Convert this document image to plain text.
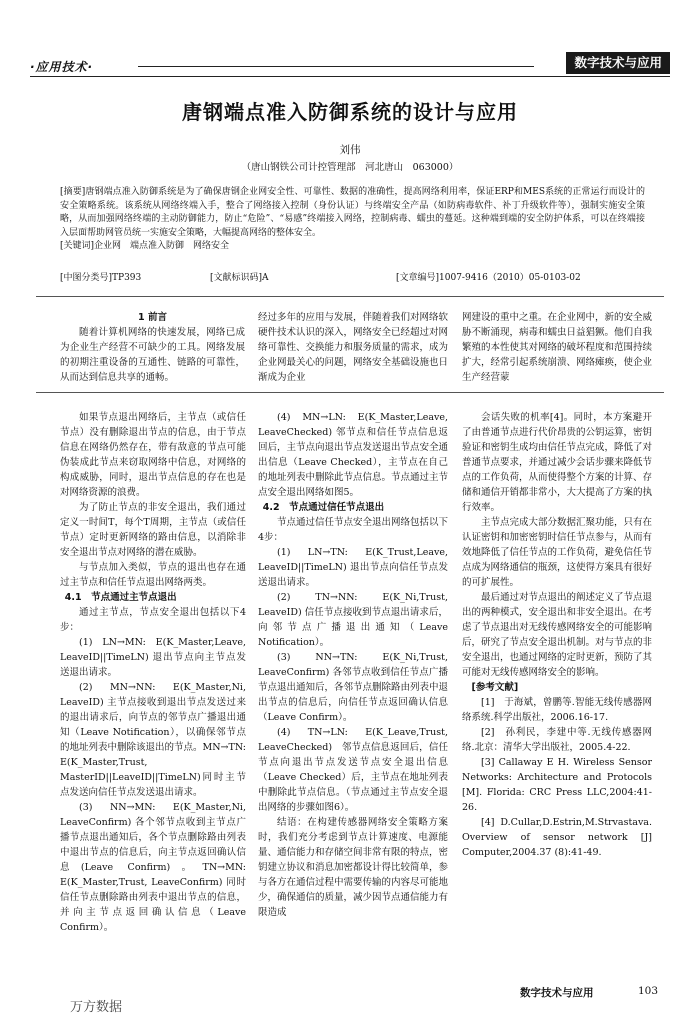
·应用技术·	数字技术与应用
唐钢端点准入防御系统的设计与应用
刘伟
（唐山钢铁公司计控管理部　河北唐山　063000）

[摘要]唐钢端点准入防御系统是为了确保唐钢企业网安全性、可靠性、数据的准确性，提高网络利用率，保证ERP和MES系统的正常运行而设计的安全策略系统。该系统从网络终端入手，整合了网络接入控制（身份认证）与终端安全产品（如防病毒软件、补丁升级软件等），强制实施安全策略，从而加强网络终端的主动防御能力，防止“危险”、“易感”终端接入网络，控制病毒、蠕虫的蔓延。这种端到端的安全防护体系，可以在终端接入层面帮助网管员统一实施安全策略，大幅提高网络的整体安全。

[关键词]企业网　端点准入防御　网络安全

[中图分类号]TP393	[文献标识码]A	[文章编号]1007-9416（2010）05-0103-02

1 前言

随着计算机网络的快速发展，网络已成为企业生产经营不可缺少的工具。网络发展的初期注重设备的互通性、链路的可靠性，从而达到信息共享的通畅。

经过多年的应用与发展，伴随着我们对网络软硬件技术认识的深入，网络安全已经超过对网络可靠性、交换能力和服务质量的需求，成为企业网最关心的问题，网络安全基础设施也日渐成为企业

网建设的重中之重。在企业网中，新的安全威胁不断涌现，病毒和蠕虫日益猖獗。他们自我繁殖的本性使其对网络的破坏程度和范围持续扩大，经常引起系统崩溃、网络瘫痪，使企业生产经营蒙

如果节点退出网络后，主节点（或信任节点）没有删除退出节点的信息，由于节点信息在网络仍然存在，带有敌意的节点可能伪装成此节点来窃取网络中信息，对网络的构成威胁，同时，退出节点信息的存在也是对网络资源的浪费。

为了防止节点的非安全退出，我们通过定义一时间T，每个T周期，主节点（或信任节点）定时更新网络的路由信息，以消除非安全退出节点对网络的潜在威胁。

与节点加入类似，节点的退出也存在通过主节点和信任节点退出网络两类。

4.1　节点通过主节点退出

通过主节点，节点安全退出包括以下4步：

(1) LN→MN: E(K_Master,Leave, LeaveID||TimeLN) 退出节点向主节点发送退出请求。

(2) MN→NN: E(K_Master,Ni, LeaveID) 主节点接收到退出节点发送过来的退出请求后，向节点的邻节点广播退出通知（Leave Notification），以确保邻节点的地址列表中删除该退出的节点。MN→TN: E(K_Master,Trust, MasterID||LeaveID||TimeLN)同时主节点发送向信任节点发送退出请求。

(3) NN→MN: E(K_Master,Ni, LeaveConfirm) 各个邻节点收到主节点广播节点退出通知后，各个节点删除路由列表中退出节点的信息后，向主节点返回确认信息(Leave Confirm)。TN→MN: E(K_Master,Trust, LeaveConfirm) 同时信任节点删除路由列表中退出节点的信息，并向主节点返回确认信息（Leave Confirm）。

(4) MN→LN: E(K_Master,Leave, LeaveChecked) 邻节点和信任节点信息返回后，主节点向退出节点发送退出节点安全通出信息（Leave Checked），主节点在自己的地址列表中删除此节点信息。节点通过主节点安全退出网络如图5。

4.2　节点通过信任节点退出

节点通过信任节点安全退出网络包括以下4步：

(1) LN→TN: E(K_Trust,Leave, LeaveID||TimeLN) 退出节点向信任节点发送退出请求。

(2) TN→NN: E(K_Ni,Trust, LeaveID) 信任节点接收到节点退出请求后，向邻节点广播退出通知（Leave Notification）。

(3) NN→TN: E(K_Ni,Trust, LeaveConfirm) 各邻节点收到信任节点广播节点退出通知后，各邻节点删除路由列表中退出节点的信息后，向信任节点返回确认信息（Leave Confirm）。

(4) TN→LN: E(K_Leave,Trust, LeaveChecked)　邻节点信息返回后，信任节点向退出节点发送节点安全退出信息（Leave Checked）后，主节点在地址列表中删除此节点信息。（节点通过主节点安全退出网络的步骤如图6）。

结语：在构建传感器网络安全策略方案时，我们充分考虑到节点计算速度、电源能量、通信能力和存储空间非常有限的特点，密钥建立协议和消息加密都设计得比较简单，参与各方在通信过程中需要传输的内容尽可能地少，确保通信的质量，减少因节点通信能力有限造成

会话失败的机率[4]。同时，本方案避开了由普通节点进行代价昂贵的公钥运算，密钥验证和密钥生成均由信任节点完成，降低了对普通节点要求，并通过减少会话步骤来降低节点的工作负荷，从而使得整个方案的计算、存储和通信开销都非常小，大大提高了方案的执行效率。

主节点完成大部分数据汇聚功能，只有在认证密钥和加密密钥时信任节点参与，从而有效地降低了信任节点的工作负荷，避免信任节点成为网络通信的瓶颈，这使得方案具有很好的可扩展性。

最后通过对节点退出的阐述定义了节点退出的两种模式，安全退出和非安全退出。在考虑了节点退出对无线传感网络安全的可能影响后，研究了节点安全退出机制。对与节点的非安全退出，也通过网络的定时更新，预防了其可能对无线传感网络安全的影响。

[参考文献]

[1]　于海斌，曾鹏等.智能无线传感器网络系统.科学出版社，2006.16-17.

[2]　孙利民，李建中等.无线传感器网络.北京：清华大学出版社，2005.4-22.

[3] Callaway E H. Wireless Sensor Networks: Architecture and Protocols [M]. Florida: CRC Press LLC,2004:41-26.

[4] D.Cullar,D.Estrin,M.Strvastava. Overview of sensor network [J] Computer,2004.37 (8):41-49.

数字技术与应用	103
万方数据
